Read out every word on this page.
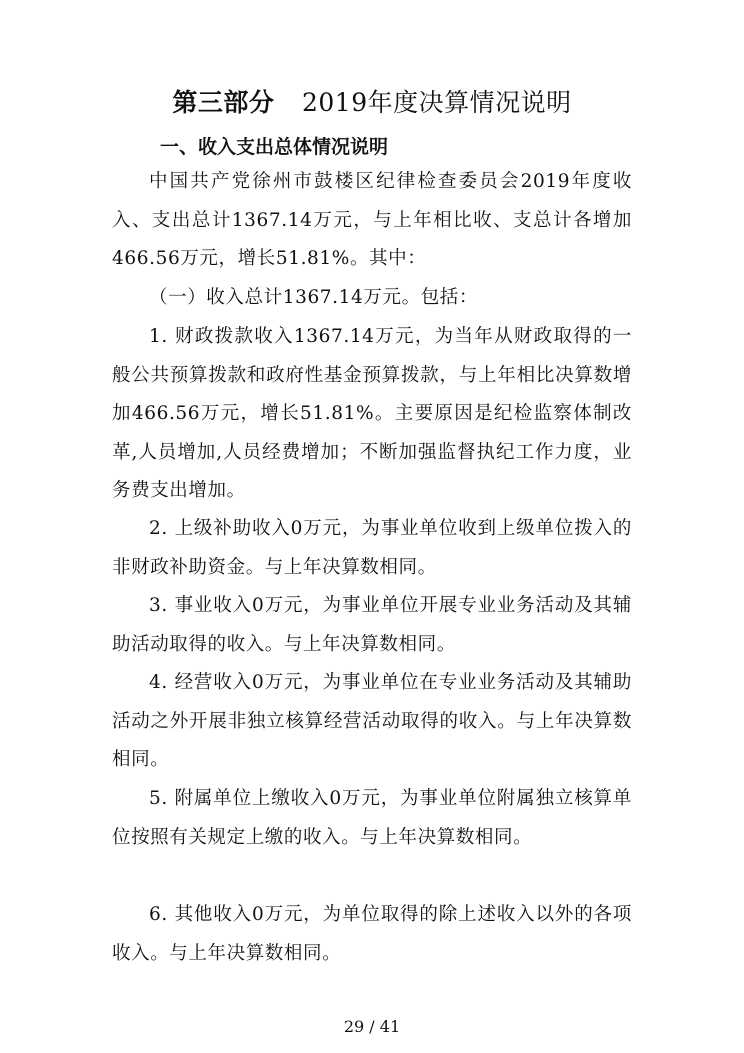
第三部分 2019年度决算情况说明
一、收入支出总体情况说明

中国共产党徐州市鼓楼区纪律检查委员会2019年度收入、支出总计1367.14万元，与上年相比收、支总计各增加466.56万元，增长51.81%。其中：

（一）收入总计1367.14万元。包括：

1. 财政拨款收入1367.14万元，为当年从财政取得的一般公共预算拨款和政府性基金预算拨款，与上年相比决算数增加466.56万元，增长51.81%。主要原因是纪检监察体制改革,人员增加,人员经费增加；不断加强监督执纪工作力度，业务费支出增加。

2. 上级补助收入0万元，为事业单位收到上级单位拨入的非财政补助资金。与上年决算数相同。

3. 事业收入0万元，为事业单位开展专业业务活动及其辅助活动取得的收入。与上年决算数相同。

4. 经营收入0万元，为事业单位在专业业务活动及其辅助活动之外开展非独立核算经营活动取得的收入。与上年决算数相同。

5. 附属单位上缴收入0万元，为事业单位附属独立核算单位按照有关规定上缴的收入。与上年决算数相同。

6. 其他收入0万元，为单位取得的除上述收入以外的各项收入。与上年决算数相同。

29 / 41
